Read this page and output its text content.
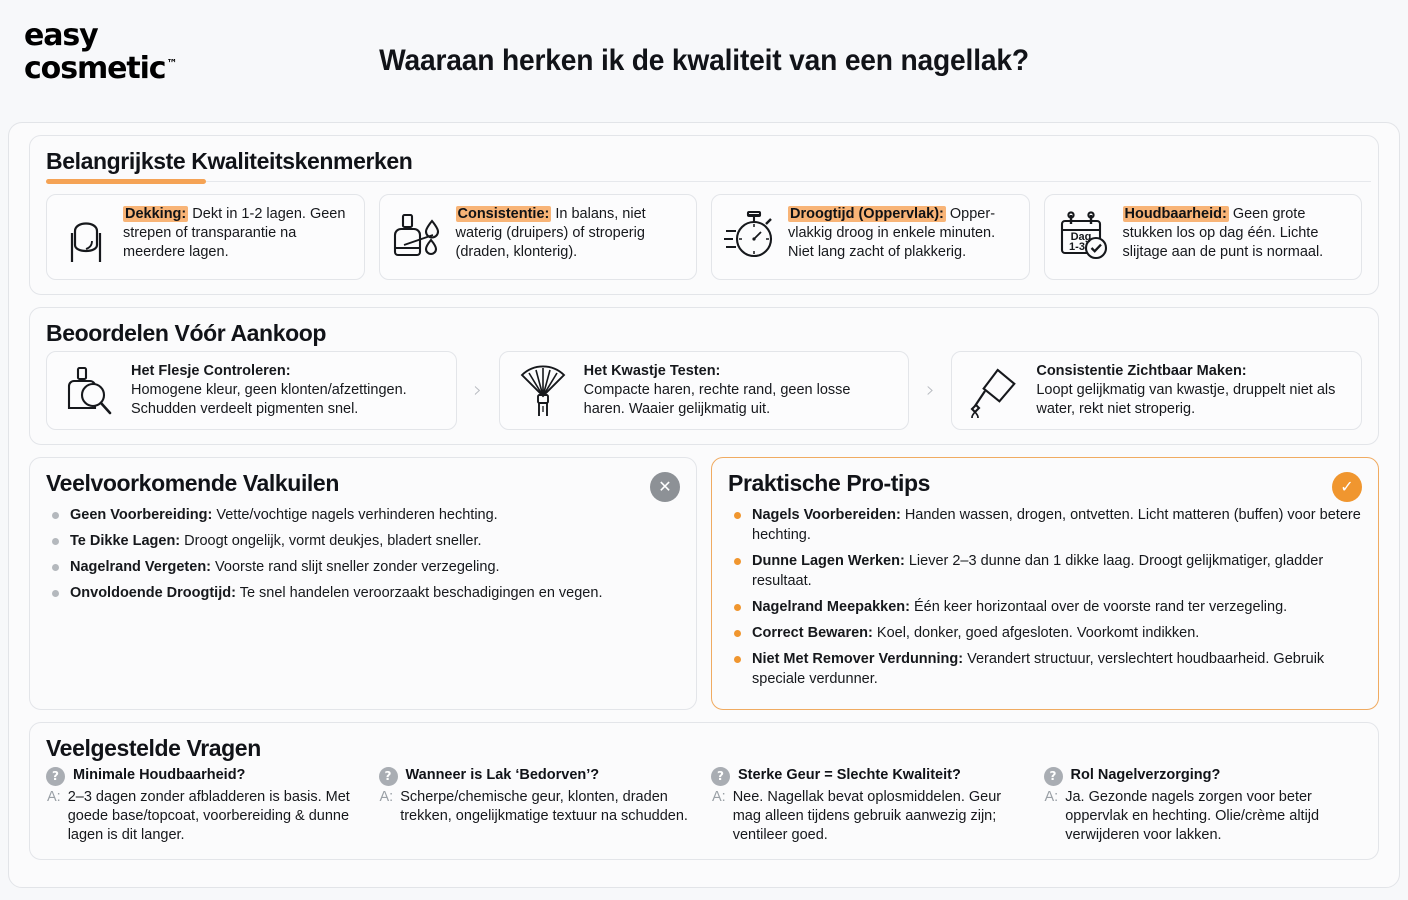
easy
cosmetic™	Waaraan herken ik de kwaliteit van een nagellak?
Belangrijkste Kwaliteitskenmerken
Dekking: Dekt in 1-2 lagen. Geen strepen of transparantie na meerdere lagen.
Consistentie: In balans, niet waterig (druipers) of stroperig (draden, klonterig).
Droogtijd (Oppervlak): Opper-vlakkig droog in enkele minuten. Niet lang zacht of plakkerig.
Dag
1-3
Houdbaarheid: Geen grote stukken los op dag één. Lichte slijtage aan de punt is normaal.
Beoordelen Vóór Aankoop
Het Flesje Controleren:
Homogene kleur, geen klonten/afzettingen. Schudden verdeelt pigmenten snel.
›
Het Kwastje Testen:
Compacte haren, rechte rand, geen losse haren. Waaier gelijkmatig uit.
›
Consistentie Zichtbaar Maken:
Loopt gelijkmatig van kwastje, druppelt niet als water, rekt niet stroperig.
✕
Veelvoorkomende Valkuilen
Geen Voorbereiding: Vette/vochtige nagels verhinderen hechting.
Te Dikke Lagen: Droogt ongelijk, vormt deukjes, bladert sneller.
Nagelrand Vergeten: Voorste rand slijt sneller zonder verzegeling.
Onvoldoende Droogtijd: Te snel handelen veroorzaakt beschadigingen en vegen.
✓
Praktische Pro-tips
Nagels Voorbereiden: Handen wassen, drogen, ontvetten. Licht matteren (buffen) voor betere hechting.
Dunne Lagen Werken: Liever 2–3 dunne dan 1 dikke laag. Droogt gelijkmatiger, gladder resultaat.
Nagelrand Meepakken: Één keer horizontaal over de voorste rand ter verzegeling.
Correct Bewaren: Koel, donker, goed afgesloten. Voorkomt indikken.
Niet Met Remover Verdunning: Verandert structuur, verslechtert houdbaarheid. Gebruik speciale verdunner.
Veelgestelde Vragen
? Minimale Houdbaarheid?
A: 2–3 dagen zonder afbladderen is basis. Met goede base/topcoat, voorbereiding & dunne lagen is dit langer.
? Wanneer is Lak ‘Bedorven’?
A: Scherpe/chemische geur, klonten, draden trekken, ongelijkmatige textuur na schudden.
? Sterke Geur = Slechte Kwaliteit?
A: Nee. Nagellak bevat oplosmiddelen. Geur mag alleen tijdens gebruik aanwezig zijn; ventileer goed.
? Rol Nagelverzorging?
A: Ja. Gezonde nagels zorgen voor beter oppervlak en hechting. Olie/crème altijd verwijderen voor lakken.
